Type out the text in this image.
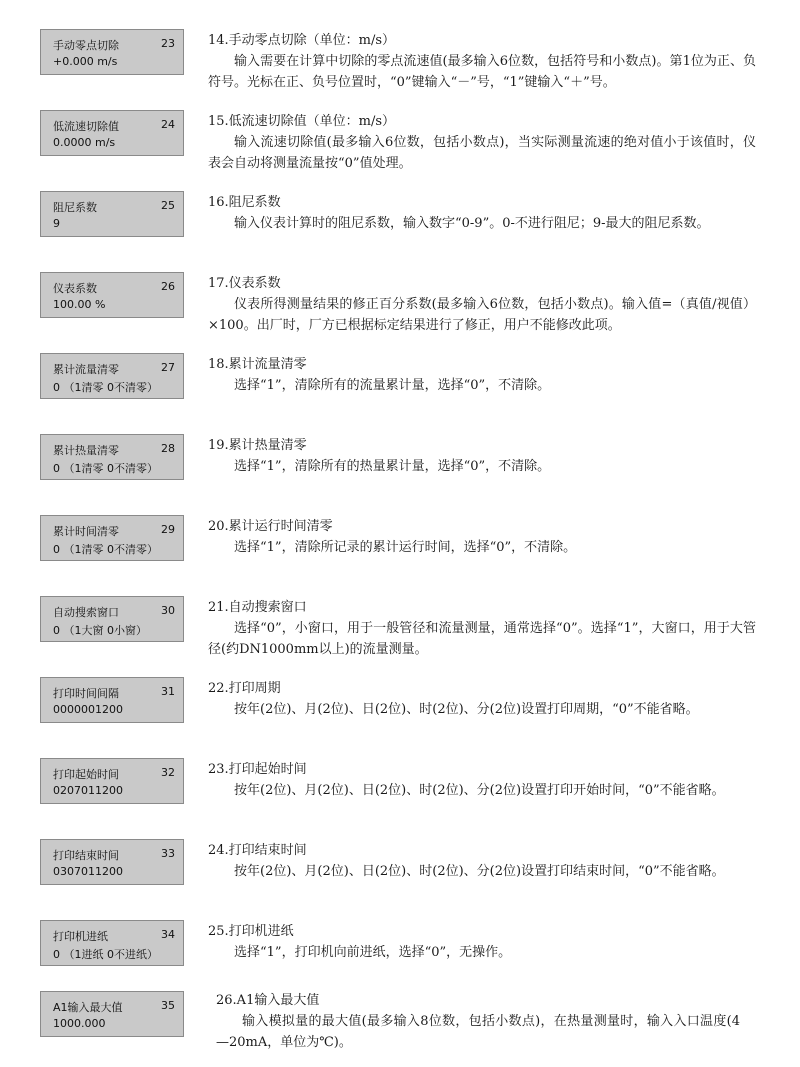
手动零点切除	23
+0.000 m/s
14.手动零点切除（单位：m/s）
输入需要在计算中切除的零点流速值(最多输入6位数，包括符号和小数点)。第1位为正、负符号。光标在正、负号位置时，“0”键输入“－”号，“1”键输入“＋”号。
低流速切除值	24
0.0000 m/s
15.低流速切除值（单位：m/s）
输入流速切除值(最多输入6位数，包括小数点)，当实际测量流速的绝对值小于该值时，仪表会自动将测量流量按“0”值处理。
阻尼系数	25
9
16.阻尼系数
输入仪表计算时的阻尼系数，输入数字“0-9”。0-不进行阻尼；9-最大的阻尼系数。
仪表系数	26
100.00 %
17.仪表系数
仪表所得测量结果的修正百分系数(最多输入6位数，包括小数点)。输入值=（真值/视值）×100。出厂时，厂方已根据标定结果进行了修正，用户不能修改此项。
累计流量清零	27
0 （1清零 0不清零）
18.累计流量清零
选择“1”，清除所有的流量累计量，选择“0”，不清除。
累计热量清零	28
0 （1清零 0不清零）
19.累计热量清零
选择“1”，清除所有的热量累计量，选择“0”，不清除。
累计时间清零	29
0 （1清零 0不清零）
20.累计运行时间清零
选择“1”，清除所记录的累计运行时间，选择“0”，不清除。
自动搜索窗口	30
0 （1大窗 0小窗）
21.自动搜索窗口
选择“0”，小窗口，用于一般管径和流量测量，通常选择“0”。选择“1”，大窗口，用于大管径(约DN1000mm以上)的流量测量。
打印时间间隔	31
0000001200
22.打印周期
按年(2位)、月(2位)、日(2位)、时(2位)、分(2位)设置打印周期，“0”不能省略。
打印起始时间	32
0207011200
23.打印起始时间
按年(2位)、月(2位)、日(2位)、时(2位)、分(2位)设置打印开始时间，“0”不能省略。
打印结束时间	33
0307011200
24.打印结束时间
按年(2位)、月(2位)、日(2位)、时(2位)、分(2位)设置打印结束时间，“0”不能省略。
打印机进纸	34
0 （1进纸 0不进纸）
25.打印机进纸
选择“1”，打印机向前进纸，选择“0”，无操作。
A1输入最大值	35
1000.000
26.A1输入最大值
输入模拟量的最大值(最多输入8位数，包括小数点)，在热量测量时，输入入口温度(4—20mA，单位为℃)。
